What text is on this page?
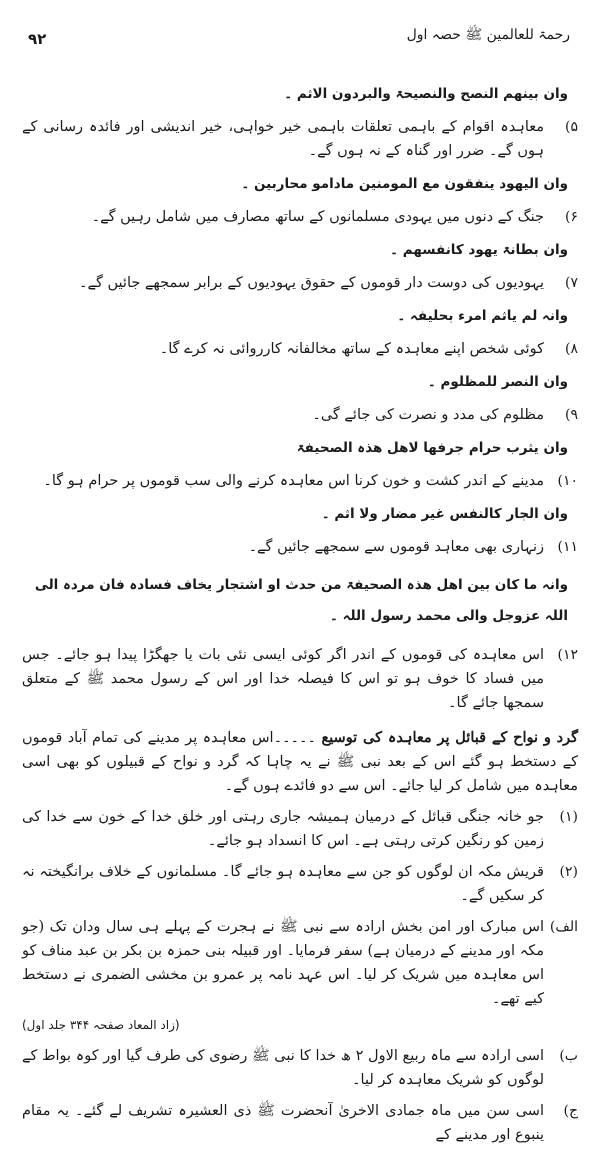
۹۲	رحمۃ للعالمین ﷺ حصہ اول
وان بینھم النصح والنصیحۃ والبردون الاثم ۔
۵)
معاہدہ اقوام کے باہمی تعلقات باہمی خیر خواہی، خیر اندیشی اور فائدہ رسانی کے ہوں گے۔ ضرر اور گناہ کے نہ ہوں گے۔
وان الیھود ینفقون مع المومنین مادامو محاربین ۔
۶)
جنگ کے دنوں میں یہودی مسلمانوں کے ساتھ مصارف میں شامل رہیں گے۔
وان بطانۃ یھود کانفسھم ۔
۷)
یہودیوں کی دوست دار قوموں کے حقوق یہودیوں کے برابر سمجھے جائیں گے۔
وانہ لم یاثم امرء بحلیفہ ۔
۸)
کوئی شخص اپنے معاہدہ کے ساتھ مخالفانہ کارروائی نہ کرے گا۔
وان النصر للمظلوم ۔
۹)
مظلوم کی مدد و نصرت کی جائے گی۔
وان یثرب حرام جرفھا لاھل ھذہ الصحیفۃ
۱۰)
مدینے کے اندر کشت و خون کرنا اس معاہدہ کرنے والی سب قوموں پر حرام ہو گا۔
وان الجار کالنفس غیر مضار ولا اثم ۔
۱۱)
زنہاری بھی معاہد قوموں سے سمجھے جائیں گے۔
وانہ ما کان بین اھل ھذہ الصحیفۃ من حدث او اشتجار یخاف فسادہ فان مردہ الی اللہ عزوجل والی محمد رسول اللہ ۔
۱۲)
اس معاہدہ کی قوموں کے اندر اگر کوئی ایسی نئی بات یا جھگڑا پیدا ہو جائے۔ جس میں فساد کا خوف ہو تو اس کا فیصلہ خدا اور اس کے رسول محمد ﷺ کے متعلق سمجھا جائے گا۔
گرد و نواح کے قبائل پر معاہدہ کی توسیع ۔۔۔۔۔اس معاہدہ پر مدینے کی تمام آباد قوموں کے دستخط ہو گئے اس کے بعد نبی ﷺ نے یہ چاہا کہ گرد و نواح کے قبیلوں کو بھی اسی معاہدہ میں شامل کر لیا جائے۔ اس سے دو فائدے ہوں گے۔
(۱)
جو خانہ جنگی قبائل کے درمیان ہمیشہ جاری رہتی اور خلق خدا کے خون سے خدا کی زمین کو رنگین کرتی رہتی ہے۔ اس کا انسداد ہو جائے۔
(۲)
قریش مکہ ان لوگوں کو جن سے معاہدہ ہو جائے گا۔ مسلمانوں کے خلاف برانگیختہ نہ کر سکیں گے۔
الف)
اس مبارک اور امن بخش ارادہ سے نبی ﷺ نے ہجرت کے پہلے ہی سال ودان تک (جو مکہ اور مدینے کے درمیان ہے) سفر فرمایا۔ اور قبیلہ بنی حمزہ بن بکر بن عبد مناف کو اس معاہدہ میں شریک کر لیا۔ اس عہد نامہ پر عمرو بن مخشی الضمری نے دستخط کیے تھے۔
(زاد المعاد صفحہ ۳۴۴ جلد اول)
ب)
اسی ارادہ سے ماہ ربیع الاول ۲ ھ خدا کا نبی ﷺ رضوی کی طرف گیا اور کوہ بواط کے لوگوں کو شریک معاہدہ کر لیا۔
ج)
اسی سن میں ماہ جمادی الاخریٰ آنحضرت ﷺ ذی العشیرہ تشریف لے گئے۔ یہ مقام ینبوع اور مدینے کے
